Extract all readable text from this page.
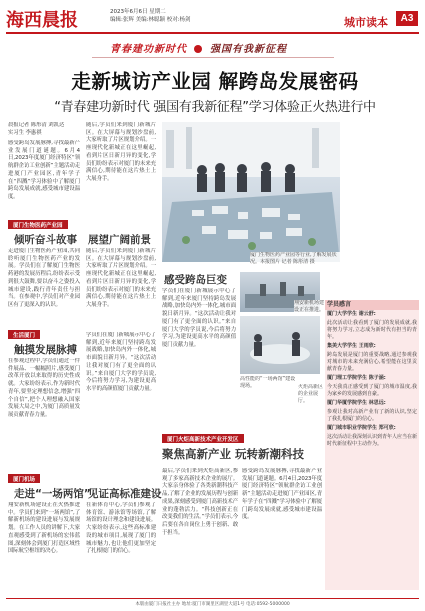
海西晨报	2023年6月6日 星期二
编辑:张辉 美编:林聪颖 校对:杨剑	城市读本	A3
青春建功新时代 强国有我新征程
走新城访产业园 解跨岛发展密码
“青春建功新时代 强国有我新征程”学习体验正火热进行中
晨报记者 陈彤清 刘凯达
实习生 李惠祺
感受跨岛发展脉搏,寻找最新产业发展门道谜题。6月4日,2023年度厦门经济特区“领航群企访工业创新”主题活动走进厦门产业园区,青年学子在“四溅”学习体验中了解厦门跨岛发展成就,感受城市建设温度。
厦门生物医药产业园
倾听奋斗故事
走进厦门生物医药产业园,共同聆听厦门生物医药产业的发展。学员们在了解厦门生物医药港的发展历程后,纷纷表示受到很大鼓舞,要以奋斗之姿投入城市建设,践行青年责任与担当。在参观中,学员们对产业园区有了更深入的认识。
随后,学员们来到厦门新城片区。在大屏幕与规划沙盘前,大家听取了片区规划介绍。一座现代化新城正在这里崛起,看到片区日新月异的变化,学员们纷纷表示对厦门的未来充满信心,期待能在这片热土上大展身手。
展望广阔前景
随后,学员们来到厦门新城片区。在大屏幕与规划沙盘前,大家听取了片区规划介绍。一座现代化新城正在这里崛起,看到片区日新月异的变化,学员们纷纷表示对厦门的未来充满信心,期待能在这片热土上大展身手。
厦门生物医药产业园等行业,了解发展状况。本报图片 记者 陈彤清 摄
感受跨岛巨变
学员们在厦门新城展示中心了解到,近年来厦门坚持跨岛发展战略,加快岛内外一体化,城市面貌日新月异。“这次活动让我对厦门有了更全面的认识。”来自厦门大学的学员说,今后将努力学习,为建设更高水平的高颜值厦门贡献力量。
翔安新机场建设正在推进。
高性能的“一场两馆”建设现场。
生活厦门
触摸发展脉搏
在参观过程中,学员们通过一件件展品、一幅幅照片,感受厦门改革开放以来取得的历史性成就。大家纷纷表示,作为新时代青年,要坚定理想信念,增强“四个自信”,把个人理想融入国家发展大局之中,为厦门高质量发展贡献青春力量。
学员们在厦门新城展示中心了解到,近年来厦门坚持跨岛发展战略,加快岛内外一体化,城市面貌日新月异。“这次活动让我对厦门有了更全面的认识。”来自厦门大学的学员说,今后将努力学习,为建设更高水平的高颜值厦门贡献力量。
厦门机场
走进“一场两馆”
翔安新机场建设正在火热推进中。学员们来到“一场两馆”,了解新机场的建设进展与发展规划。在工作人员的讲解下,大家直观感受到了新机场的宏伟蓝图,深刻体会到厦门打造区域性国际航空枢纽的决心。
见证高标准建设
在新体育中心,学员们参观了体育馆、游泳馆等场馆,了解场馆的设计理念和建设进展。大家纷纷表示,这些高标准建设的城市项目,展现了厦门的城市魅力,也让他们更加坚定了扎根厦门的信心。
厦门火炬高新技术产业开发区
聚焦高新产业 玩转新潮科技
最后,学员们来到火炬高新区,参观了多家高新技术企业的展厅。大家亲身体验了各类新潮科技产品,了解了企业的发展历程与创新成果,深刻感受到厦门高新技术产业的蓬勃活力。“科技创新正在改变我们的生活。”学员们表示,今后要在各自岗位上勇于创新、敢于担当。
感受跨岛发展脉搏,寻找最新产业发展门道谜题。6月4日,2023年度厦门经济特区“领航群企访工业创新”主题活动走进厦门产业园区,青年学子在“四溅”学习体验中了解厦门跨岛发展成就,感受城市建设温度。
学员感言
厦门大学学生 谢云舒:
此次活动让我看到了厦门的发展成就,我将努力学习,立志成为新时代有担当的青年。
集美大学学生 王雨欣:
跨岛发展是厦门的重要战略,通过参观我对城市的未来充满信心,希望能在这里贡献青春力量。
厦门理工学院学生 陈子涵:
今天我真正感受到了厦门的城市温度,我为家乡的发展感到自豪。
厦门华厦学院学生 林思远:
参观让我对高新产业有了新的认识,坚定了我扎根厦门的信心。
厦门城市职业学院学生 郑可欣:
这次活动让我深刻认识到青年人应当在新时代新征程中主动作为。
火炬高新区的企业展厅。
本版由厦门日报社主办 地址:厦门市湖里区湖里大道1号 电话:0592-5000000
